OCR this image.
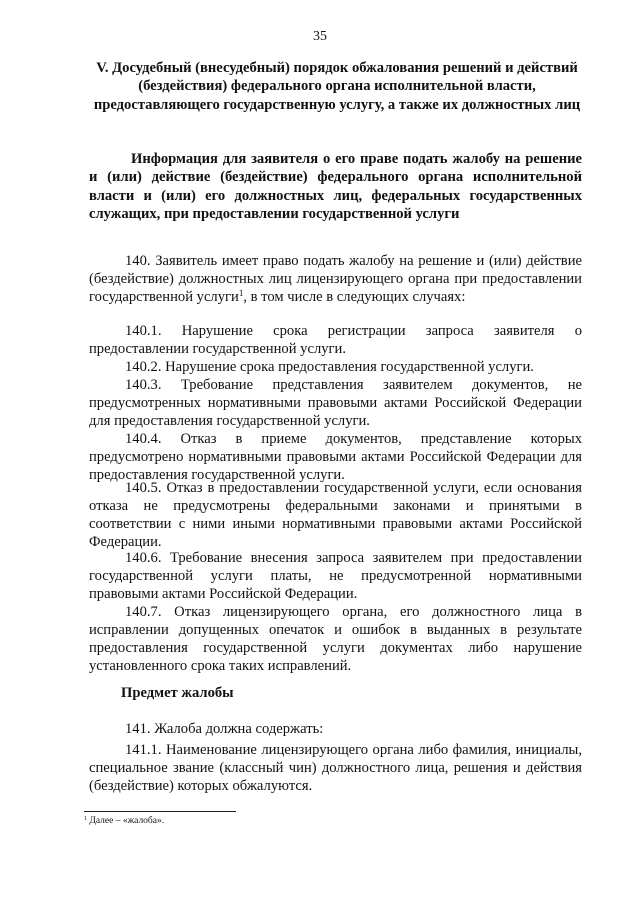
35
V. Досудебный (внесудебный) порядок обжалования решений и действий (бездействия) федерального органа исполнительной власти, предоставляющего государственную услугу, а также их должностных лиц
Информация для заявителя о его праве подать жалобу на решение и (или) действие (бездействие) федерального органа исполнительной власти и (или) его должностных лиц, федеральных государственных служащих, при предоставлении государственной услуги

140. Заявитель имеет право подать жалобу на решение и (или) действие (бездействие) должностных лиц лицензирующего органа при предоставлении государственной услуги$^1$, в том числе в следующих случаях:

140.1. Нарушение срока регистрации запроса заявителя о предоставлении государственной услуги.

140.2. Нарушение срока предоставления государственной услуги.

140.3. Требование представления заявителем документов, не предусмотренных нормативными правовыми актами Российской Федерации для предоставления государственной услуги.

140.4. Отказ в приеме документов, представление которых предусмотрено нормативными правовыми актами Российской Федерации для предоставления государственной услуги.

140.5. Отказ в предоставлении государственной услуги, если основания отказа не предусмотрены федеральными законами и принятыми в соответствии с ними иными нормативными правовыми актами Российской Федерации.

140.6. Требование внесения запроса заявителем при предоставлении государственной услуги платы, не предусмотренной нормативными правовыми актами Российской Федерации.

140.7. Отказ лицензирующего органа, его должностного лица в исправлении допущенных опечаток и ошибок в выданных в результате предоставления государственной услуги документах либо нарушение установленного срока таких исправлений.

Предмет жалобы

141. Жалоба должна содержать:

141.1. Наименование лицензирующего органа либо фамилия, инициалы, специальное звание (классный чин) должностного лица, решения и действия (бездействие) которых обжалуются.

$^1$ Далее – «жалоба».
